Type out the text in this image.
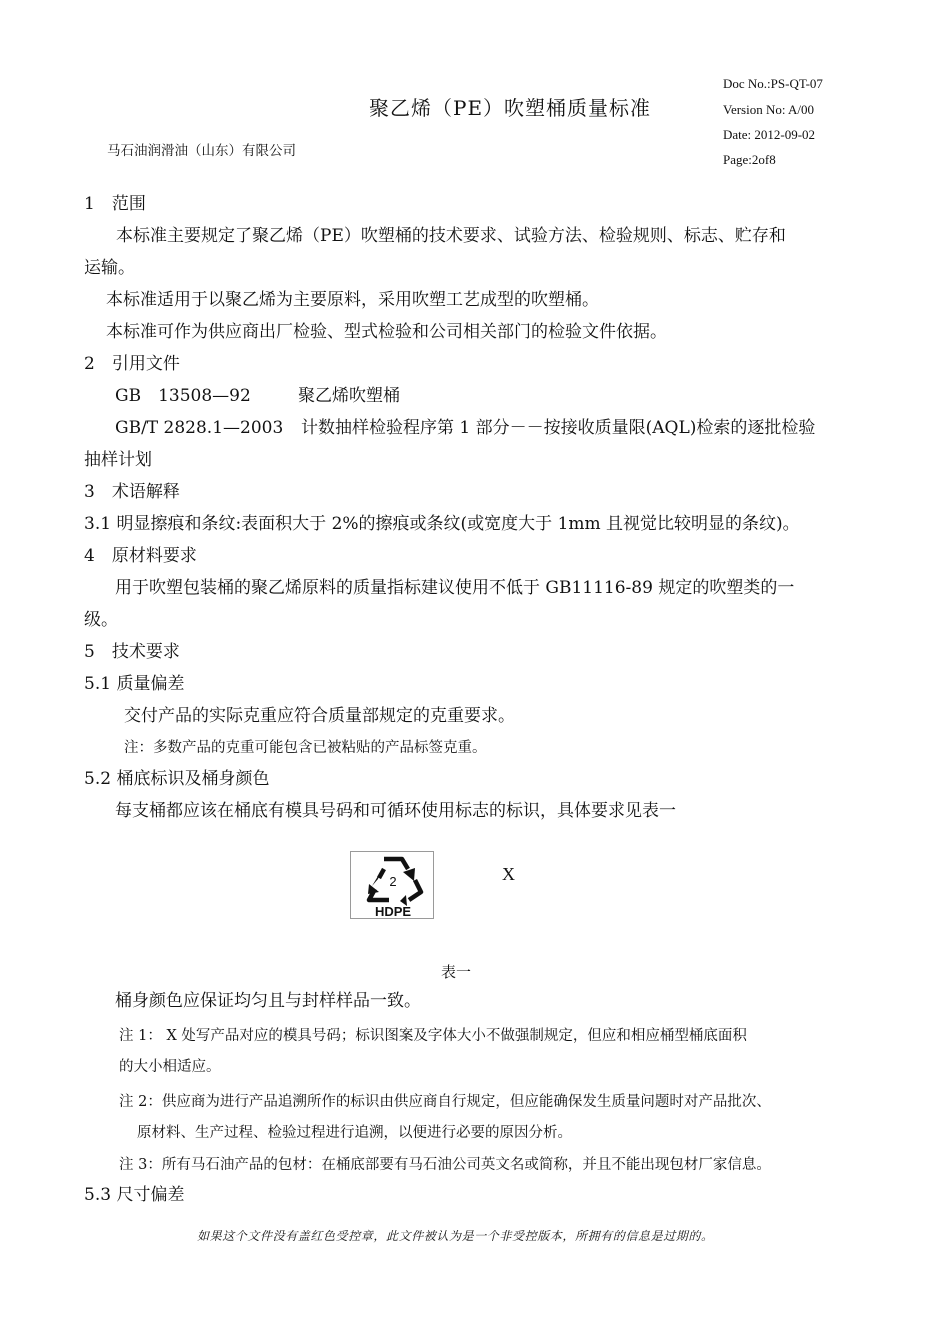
聚乙烯（PE）吹塑桶质量标准
马石油润滑油（山东）有限公司
Doc No.:PS-QT-07
Version No: A/00
Date: 2012-09-02
Page:2of8
1　范围
本标准主要规定了聚乙烯（PE）吹塑桶的技术要求、试验方法、检验规则、标志、贮存和
运输。
本标准适用于以聚乙烯为主要原料，采用吹塑工艺成型的吹塑桶。
本标准可作为供应商出厂检验、型式检验和公司相关部门的检验文件依据。
2　引用文件
GB　13508—92	聚乙烯吹塑桶
GB/T 2828.1—2003 计数抽样检验程序第 1 部分－－按接收质量限(AQL)检索的逐批检验
抽样计划
3　术语解释
3.1 明显擦痕和条纹:表面积大于 2%的擦痕或条纹(或宽度大于 1mm 且视觉比较明显的条纹)。
4　原材料要求
用于吹塑包装桶的聚乙烯原料的质量指标建议使用不低于 GB11116-89 规定的吹塑类的一
级。
5　技术要求
5.1 质量偏差
交付产品的实际克重应符合质量部规定的克重要求。
注：多数产品的克重可能包含已被粘贴的产品标签克重。
5.2 桶底标识及桶身颜色
每支桶都应该在桶底有模具号码和可循环使用标志的标识，具体要求见表一
2
HDPE
X
表一
桶身颜色应保证均匀且与封样样品一致。
注 1： X 处写产品对应的模具号码；标识图案及字体大小不做强制规定，但应和相应桶型桶底面积
的大小相适应。
注 2：供应商为进行产品追溯所作的标识由供应商自行规定，但应能确保发生质量问题时对产品批次、
原材料、生产过程、检验过程进行追溯，以便进行必要的原因分析。
注 3：所有马石油产品的包材：在桶底部要有马石油公司英文名或简称，并且不能出现包材厂家信息。
5.3 尺寸偏差
如果这个文件没有盖红色受控章，此文件被认为是一个非受控版本，所拥有的信息是过期的。
